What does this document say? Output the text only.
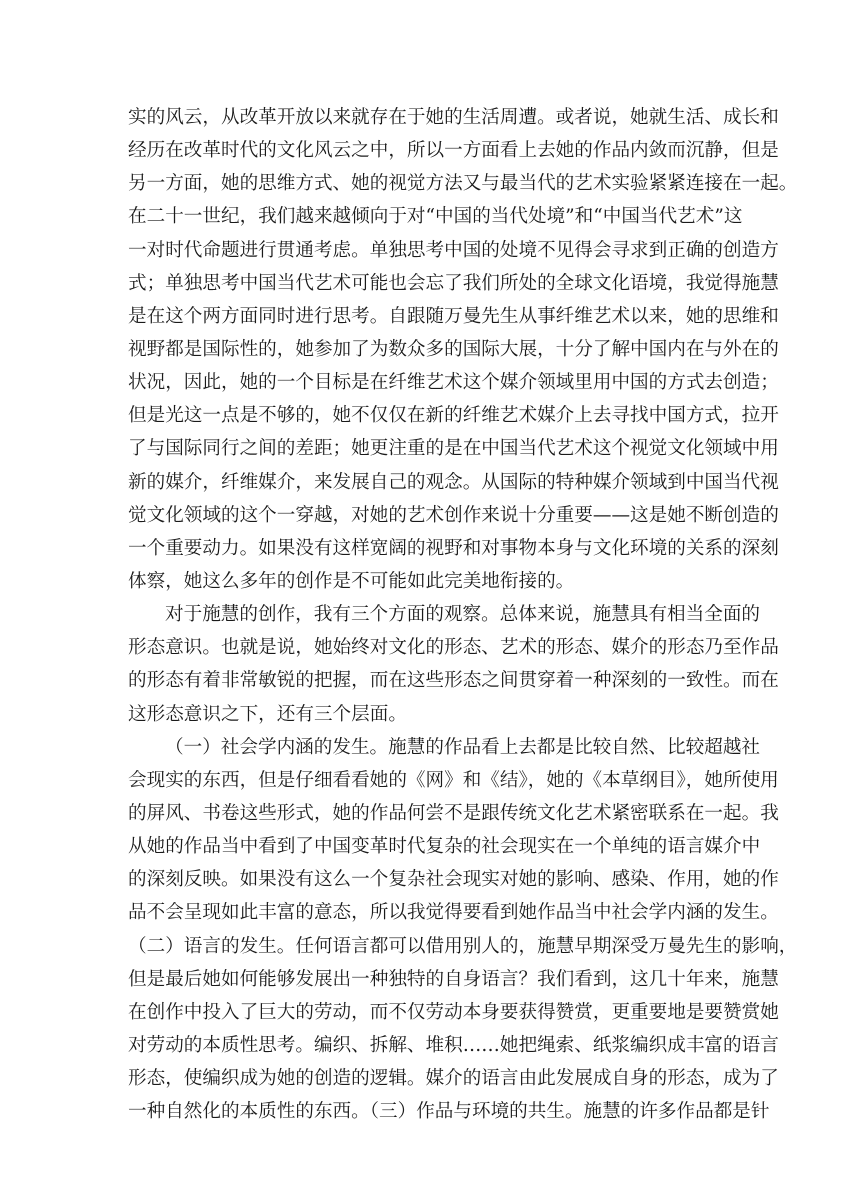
实的风云，从改革开放以来就存在于她的生活周遭。或者说，她就生活、成长和
经历在改革时代的文化风云之中，所以一方面看上去她的作品内敛而沉静，但是
另一方面，她的思维方式、她的视觉方法又与最当代的艺术实验紧紧连接在一起。
在二十一世纪，我们越来越倾向于对“中国的当代处境”和“中国当代艺术”这
一对时代命题进行贯通考虑。单独思考中国的处境不见得会寻求到正确的创造方
式；单独思考中国当代艺术可能也会忘了我们所处的全球文化语境，我觉得施慧
是在这个两方面同时进行思考。自跟随万曼先生从事纤维艺术以来，她的思维和
视野都是国际性的，她参加了为数众多的国际大展，十分了解中国内在与外在的
状况，因此，她的一个目标是在纤维艺术这个媒介领域里用中国的方式去创造；
但是光这一点是不够的，她不仅仅在新的纤维艺术媒介上去寻找中国方式，拉开
了与国际同行之间的差距；她更注重的是在中国当代艺术这个视觉文化领域中用
新的媒介，纤维媒介，来发展自己的观念。从国际的特种媒介领域到中国当代视
觉文化领域的这个一穿越，对她的艺术创作来说十分重要——这是她不断创造的
一个重要动力。如果没有这样宽阔的视野和对事物本身与文化环境的关系的深刻
体察，她这么多年的创作是不可能如此完美地衔接的。
对于施慧的创作，我有三个方面的观察。总体来说，施慧具有相当全面的
形态意识。也就是说，她始终对文化的形态、艺术的形态、媒介的形态乃至作品
的形态有着非常敏锐的把握，而在这些形态之间贯穿着一种深刻的一致性。而在
这形态意识之下，还有三个层面。
（一）社会学内涵的发生。施慧的作品看上去都是比较自然、比较超越社
会现实的东西，但是仔细看看她的《网》和《结》，她的《本草纲目》，她所使用
的屏风、书卷这些形式，她的作品何尝不是跟传统文化艺术紧密联系在一起。我
从她的作品当中看到了中国变革时代复杂的社会现实在一个单纯的语言媒介中
的深刻反映。如果没有这么一个复杂社会现实对她的影响、感染、作用，她的作
品不会呈现如此丰富的意态，所以我觉得要看到她作品当中社会学内涵的发生。
（二）语言的发生。任何语言都可以借用别人的，施慧早期深受万曼先生的影响，
但是最后她如何能够发展出一种独特的自身语言？我们看到，这几十年来，施慧
在创作中投入了巨大的劳动，而不仅劳动本身要获得赞赏，更重要地是要赞赏她
对劳动的本质性思考。编织、拆解、堆积……她把绳索、纸浆编织成丰富的语言
形态，使编织成为她的创造的逻辑。媒介的语言由此发展成自身的形态，成为了
一种自然化的本质性的东西。（三）作品与环境的共生。施慧的许多作品都是针
